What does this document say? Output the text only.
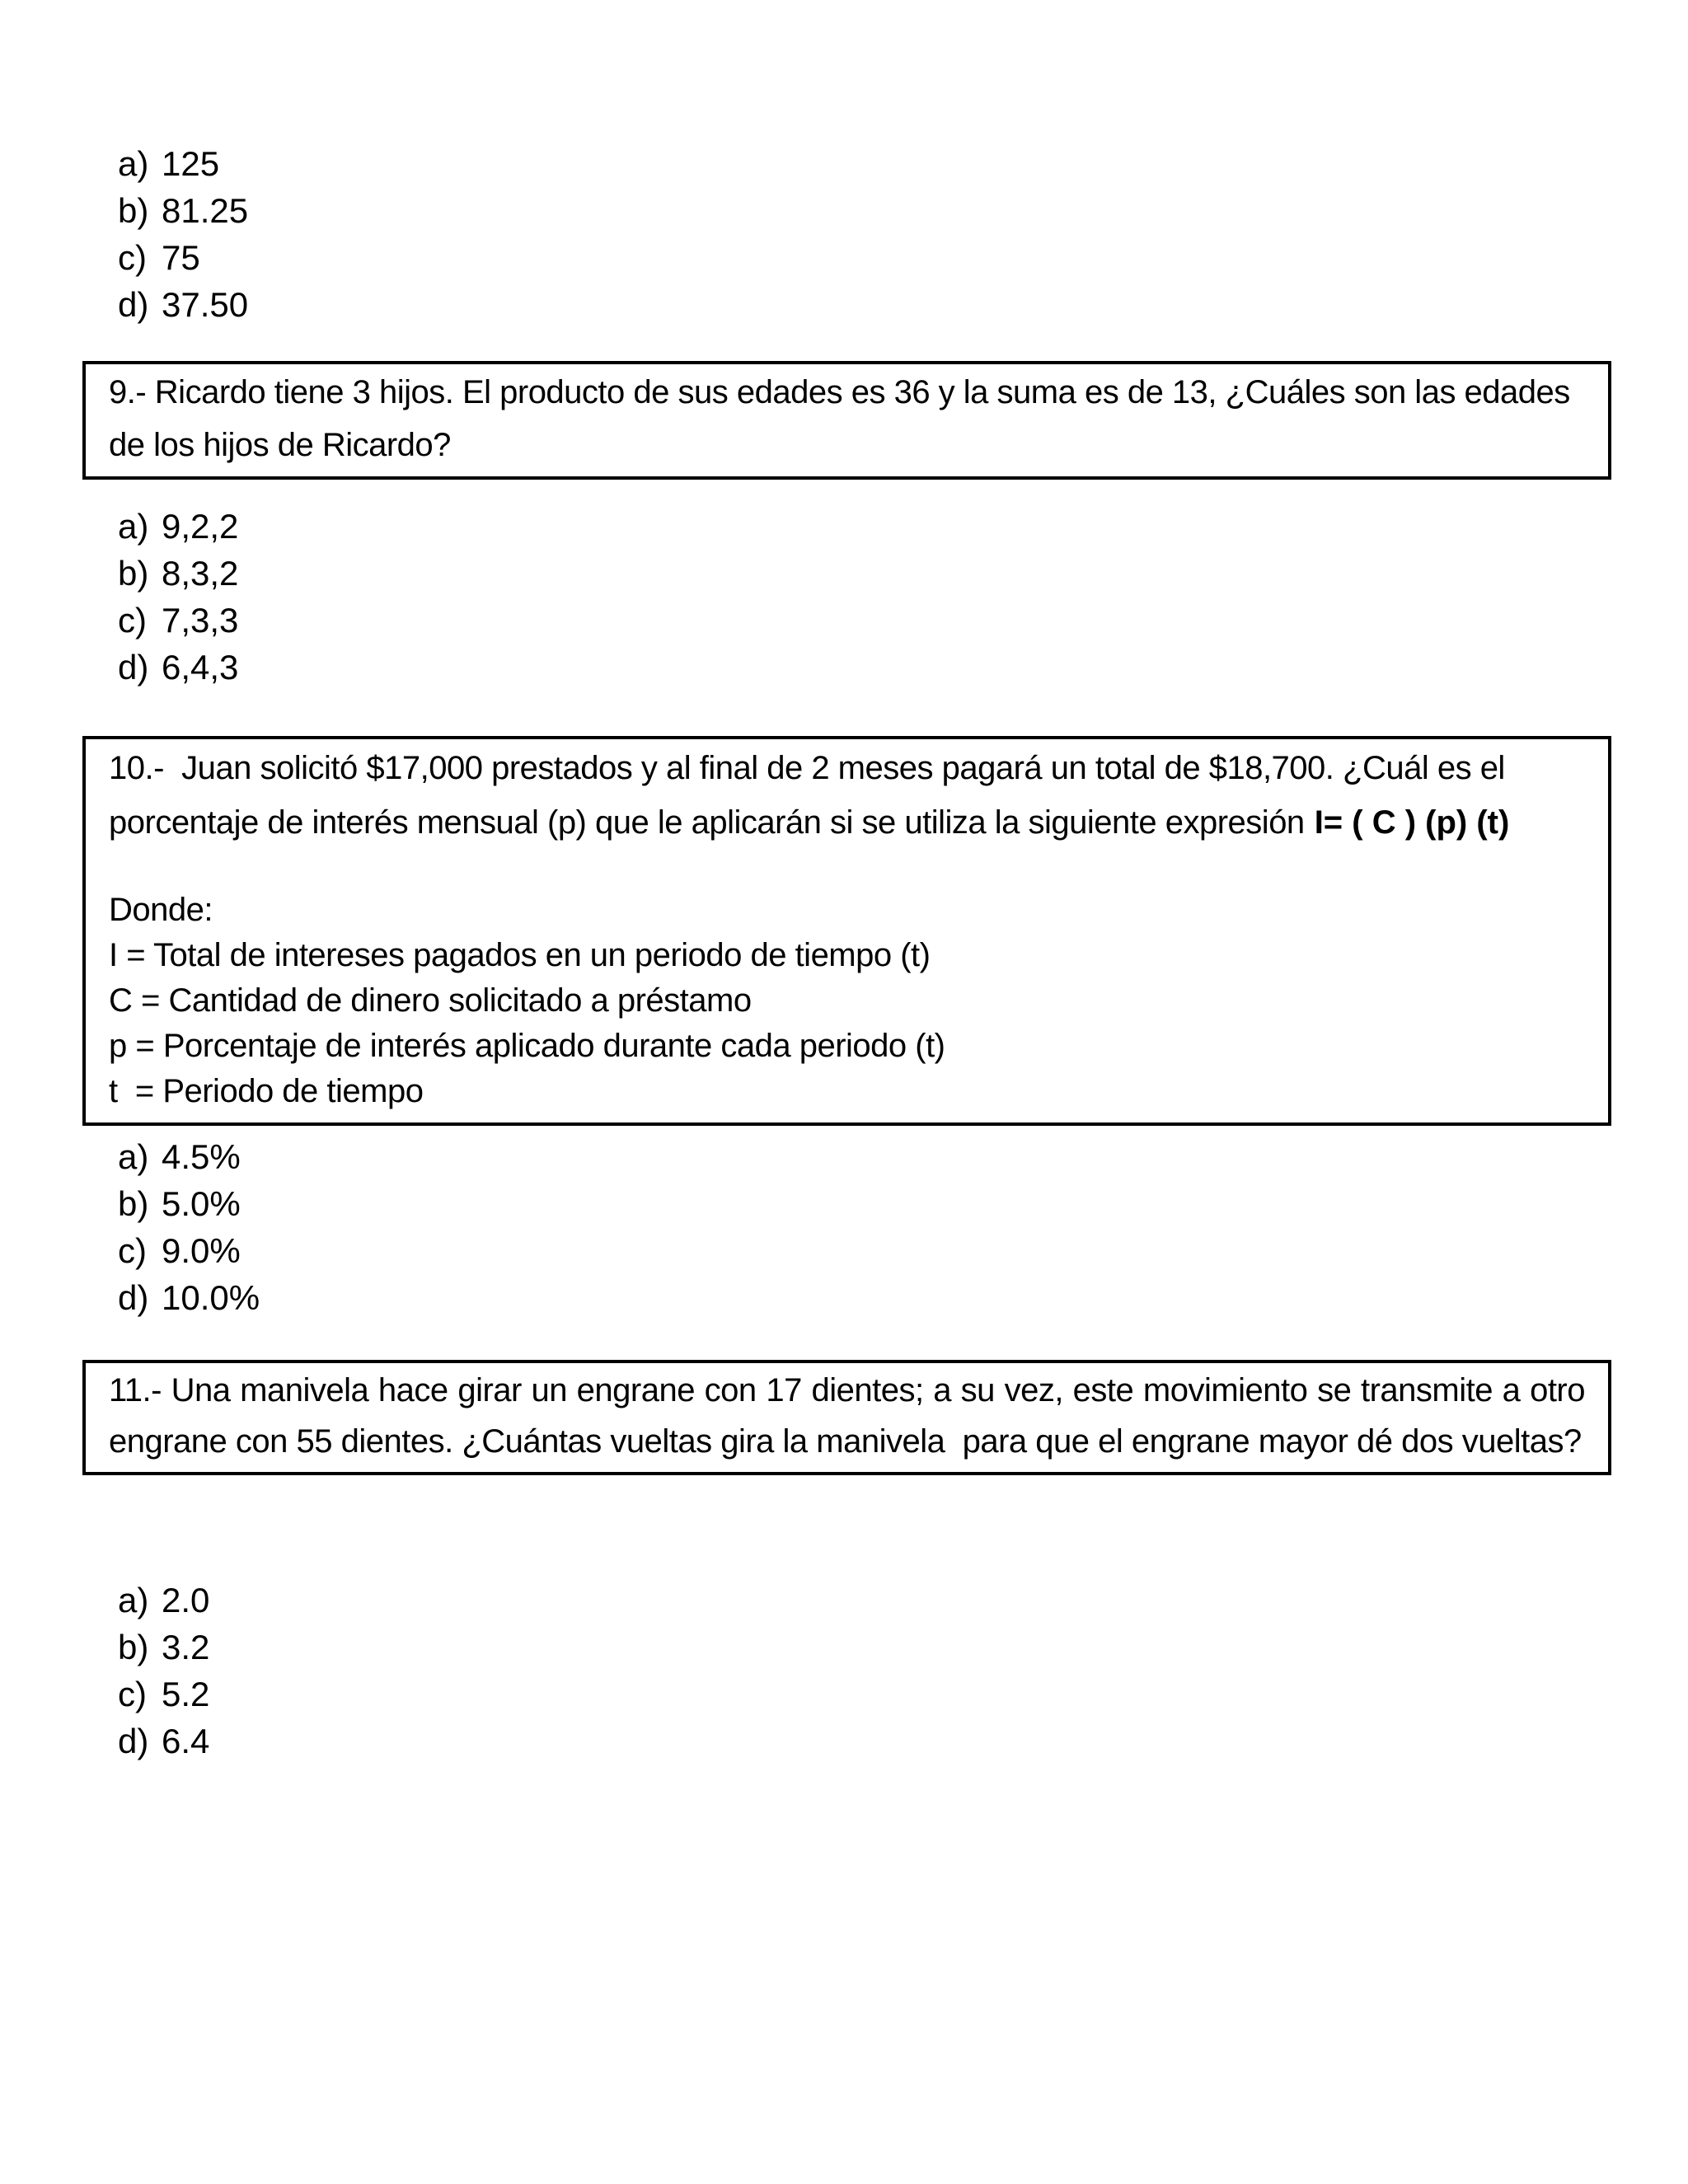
a) 125
b) 81.25
c) 75
d) 37.50

9.- Ricardo tiene 3 hijos. El producto de sus edades es 36 y la suma es de 13, ¿Cuáles son las edades de los hijos de Ricardo?

a) 9,2,2
b) 8,3,2
c) 7,3,3
d) 6,4,3

10.-  Juan solicitó $17,000 prestados y al final de 2 meses pagará un total de $18,700. ¿Cuál es el porcentaje de interés mensual (p) que le aplicarán si se utiliza la siguiente expresión I= ( C ) (p) (t)

Donde:

I = Total de intereses pagados en un periodo de tiempo (t)

C = Cantidad de dinero solicitado a préstamo

p = Porcentaje de interés aplicado durante cada periodo (t)

t  = Periodo de tiempo

a) 4.5%
b) 5.0%
c) 9.0%
d) 10.0%

11.- Una manivela hace girar un engrane con 17 dientes; a su vez, este movimiento se transmite a otro engrane con 55 dientes. ¿Cuántas vueltas gira la manivela  para que el engrane mayor dé dos vueltas?

a) 2.0
b) 3.2
c) 5.2
d) 6.4
